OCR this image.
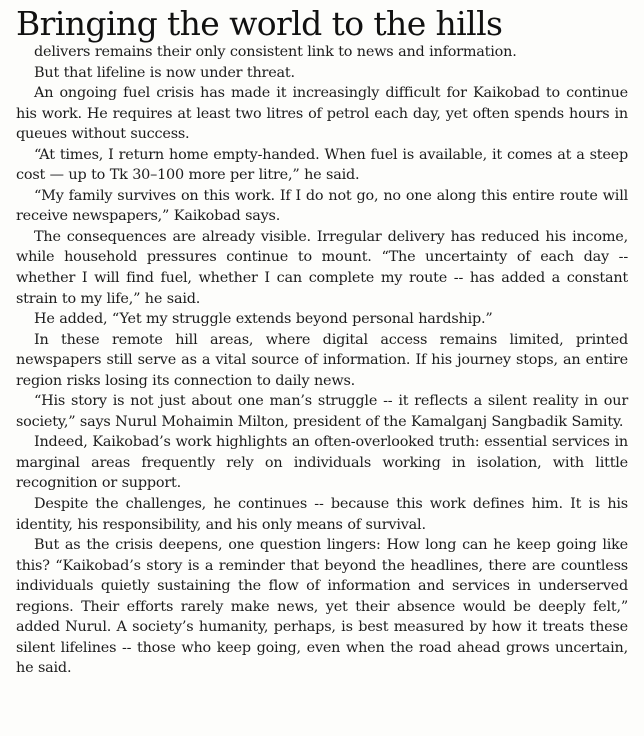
Bringing the world to the hills

delivers remains their only consistent link to news and information.

But that lifeline is now under threat.

An ongoing fuel crisis has made it increasingly difficult for Kaikobad to continue his work. He requires at least two litres of petrol each day, yet often spends hours in queues without success.

“At times, I return home empty-handed. When fuel is available, it comes at a steep cost — up to Tk 30–100 more per litre,” he said.

“My family survives on this work. If I do not go, no one along this entire route will receive newspapers,” Kaikobad says.

The consequences are already visible. Irregular delivery has reduced his income, while household pressures continue to mount. “The uncertainty of each day -- whether I will find fuel, whether I can complete my route -- has added a constant strain to my life,” he said.

He added, “Yet my struggle extends beyond personal hardship.”

In these remote hill areas, where digital access remains limited, printed newspapers still serve as a vital source of information. If his journey stops, an entire region risks losing its connection to daily news.

“His story is not just about one man’s struggle -- it reflects a silent reality in our society,” says Nurul Mohaimin Milton, president of the Kamalganj Sangbadik Samity.

Indeed, Kaikobad’s work highlights an often-overlooked truth: essential services in marginal areas frequently rely on individuals working in isolation, with little recognition or support.

Despite the challenges, he continues -- because this work defines him. It is his identity, his responsibility, and his only means of survival.

But as the crisis deepens, one question lingers: How long can he keep going like this? “Kaikobad’s story is a reminder that beyond the headlines, there are countless individuals quietly sustaining the flow of information and services in underserved regions. Their efforts rarely make news, yet their absence would be deeply felt,” added Nurul. A society’s humanity, perhaps, is best measured by how it treats these silent lifelines -- those who keep going, even when the road ahead grows uncertain, he said.
